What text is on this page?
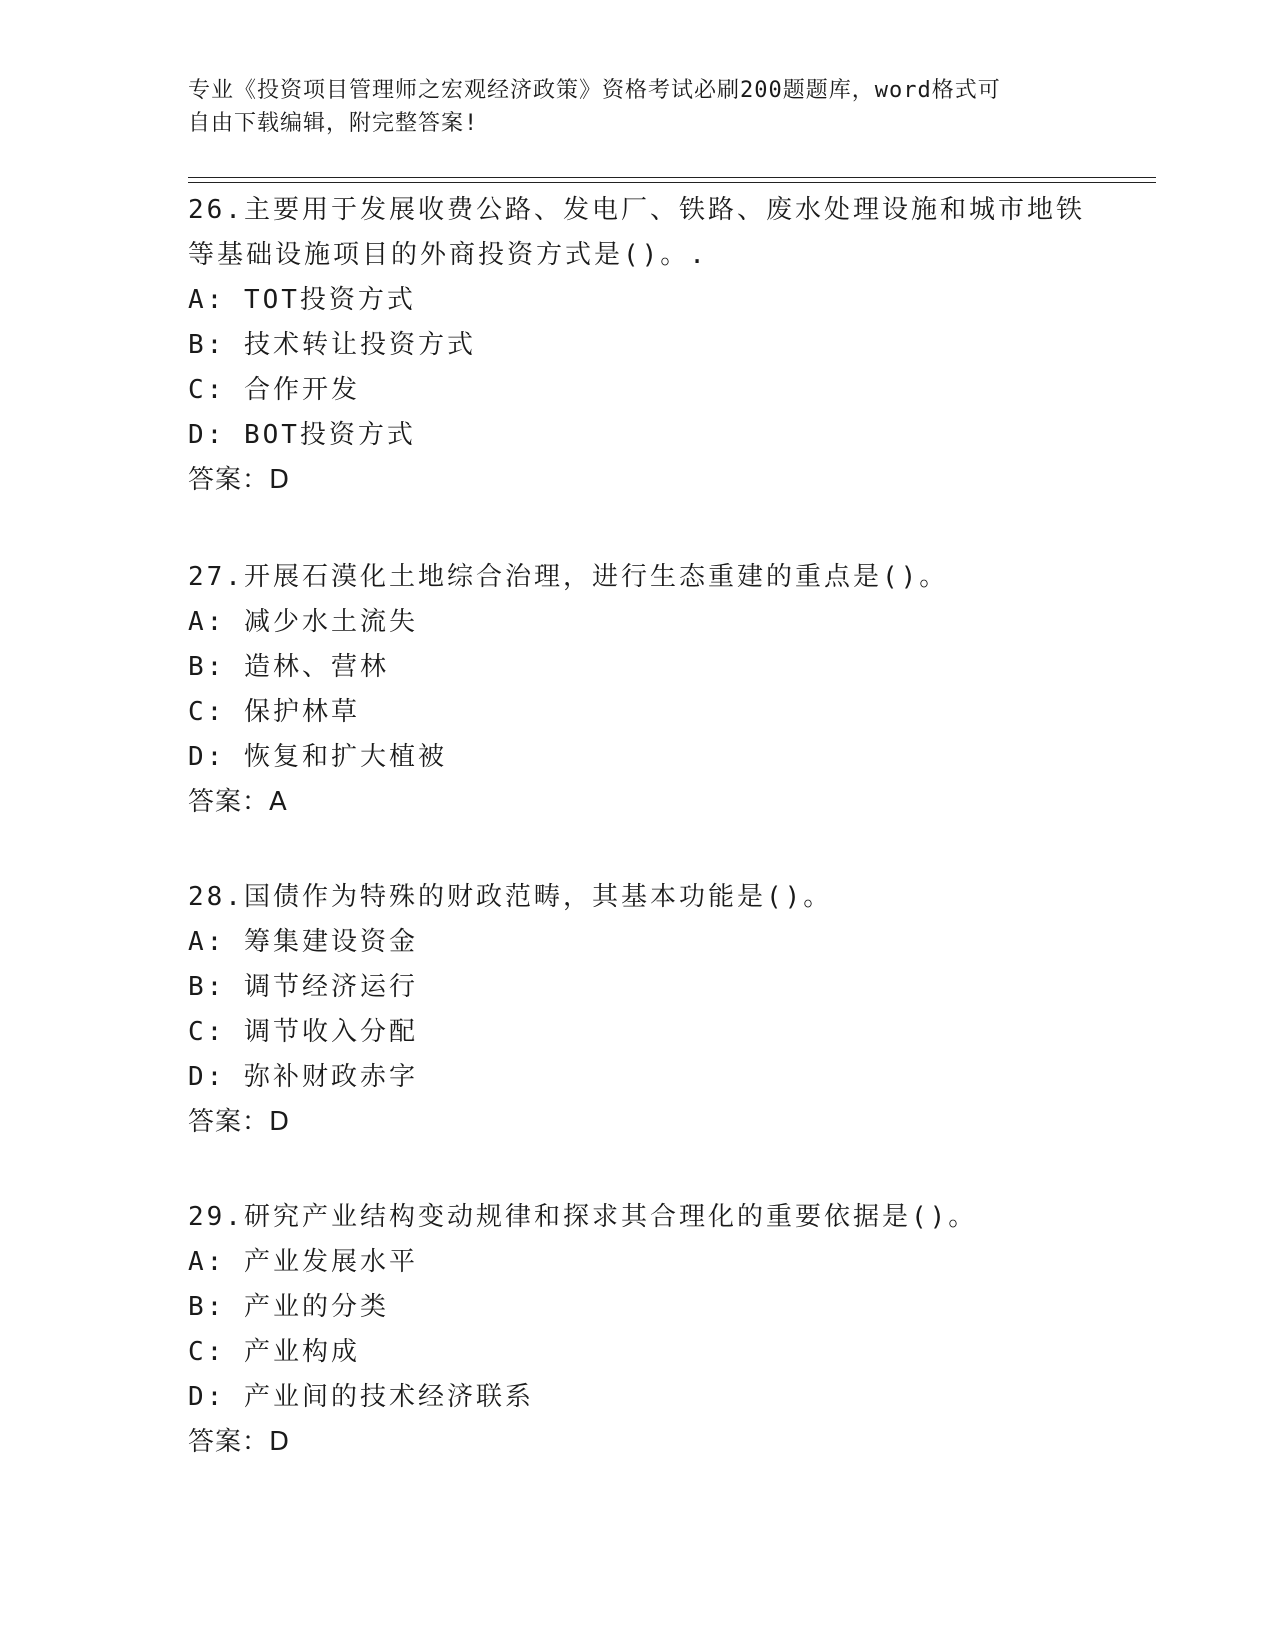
专业《投资项目管理师之宏观经济政策》资格考试必刷200题题库，word格式可
自由下载编辑，附完整答案!
26.主要用于发展收费公路、发电厂、铁路、废水处理设施和城市地铁
等基础设施项目的外商投资方式是()。.
A: TOT投资方式
B: 技术转让投资方式
C: 合作开发
D: BOT投资方式
答案：D
27.开展石漠化土地综合治理，进行生态重建的重点是()。
A: 减少水土流失
B: 造林、营林
C: 保护林草
D: 恢复和扩大植被
答案：A
28.国债作为特殊的财政范畴，其基本功能是()。
A: 筹集建设资金
B: 调节经济运行
C: 调节收入分配
D: 弥补财政赤字
答案：D
29.研究产业结构变动规律和探求其合理化的重要依据是()。
A: 产业发展水平
B: 产业的分类
C: 产业构成
D: 产业间的技术经济联系
答案：D
